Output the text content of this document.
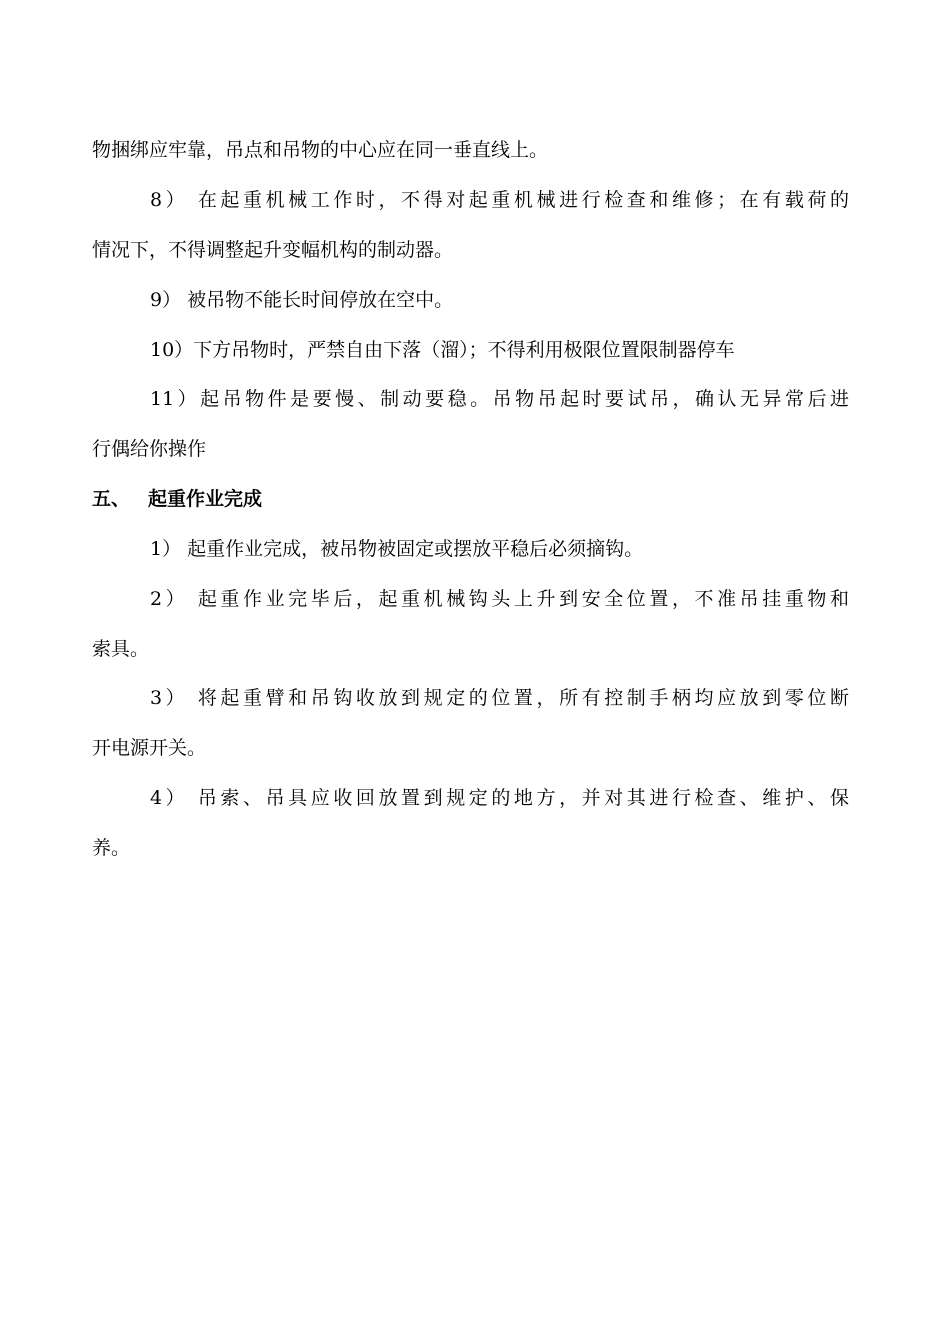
物捆绑应牢靠，吊点和吊物的中心应在同一垂直线上。
8） 在起重机械工作时，不得对起重机械进行检查和维修；在有载荷的
情况下，不得调整起升变幅机构的制动器。
9） 被吊物不能长时间停放在空中。
10）下方吊物时，严禁自由下落（溜）；不得利用极限位置限制器停车
11）起吊物件是要慢、制动要稳。吊物吊起时要试吊，确认无异常后进
行偶给你操作
五、 起重作业完成
1） 起重作业完成，被吊物被固定或摆放平稳后必须摘钩。
2） 起重作业完毕后，起重机械钩头上升到安全位置，不准吊挂重物和
索具。
3） 将起重臂和吊钩收放到规定的位置，所有控制手柄均应放到零位断
开电源开关。
4） 吊索、吊具应收回放置到规定的地方，并对其进行检查、维护、保
养。
